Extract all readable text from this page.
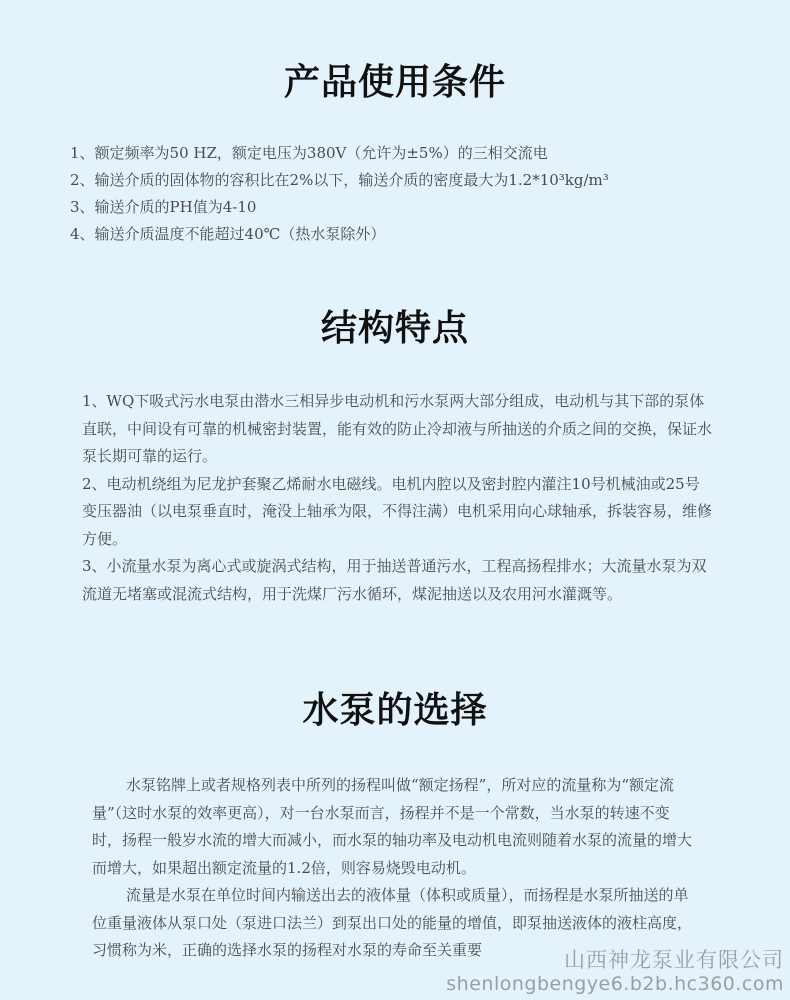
产品使用条件
1、额定频率为50 HZ，额定电压为380V（允许为±5%）的三相交流电
2、输送介质的固体物的容积比在2%以下，输送介质的密度最大为1.2*10³kg/m³
3、输送介质的PH值为4-10
4、输送介质温度不能超过40℃（热水泵除外）
结构特点

1、WQ下吸式污水电泵由潜水三相异步电动机和污水泵两大部分组成，电动机与其下部的泵体直联，中间设有可靠的机械密封装置，能有效的防止冷却液与所抽送的介质之间的交换，保证水泵长期可靠的运行。

2、电动机绕组为尼龙护套聚乙烯耐水电磁线。电机内腔以及密封腔内灌注10号机械油或25号变压器油（以电泵垂直时，淹没上轴承为限，不得注满）电机采用向心球轴承，拆装容易，维修方便。

3、小流量水泵为离心式或旋涡式结构，用于抽送普通污水，工程高扬程排水；大流量水泵为双流道无堵塞或混流式结构，用于洗煤厂污水循环，煤泥抽送以及农用河水灌溉等。

水泵的选择

水泵铭牌上或者规格列表中所列的扬程叫做“额定扬程”，所对应的流量称为“额定流量”（这时水泵的效率更高），对一台水泵而言，扬程并不是一个常数，当水泵的转速不变时，扬程一般岁水流的增大而减小，而水泵的轴功率及电动机电流则随着水泵的流量的增大而增大，如果超出额定流量的1.2倍，则容易烧毁电动机。

流量是水泵在单位时间内输送出去的液体量（体积或质量），而扬程是水泵所抽送的单位重量液体从泵口处（泵进口法兰）到泵出口处的能量的增值，即泵抽送液体的液柱高度，习惯称为米，正确的选择水泵的扬程对水泵的寿命至关重要	山西神龙泵业有限公司
shenlongbengye6.b2b.hc360.com
